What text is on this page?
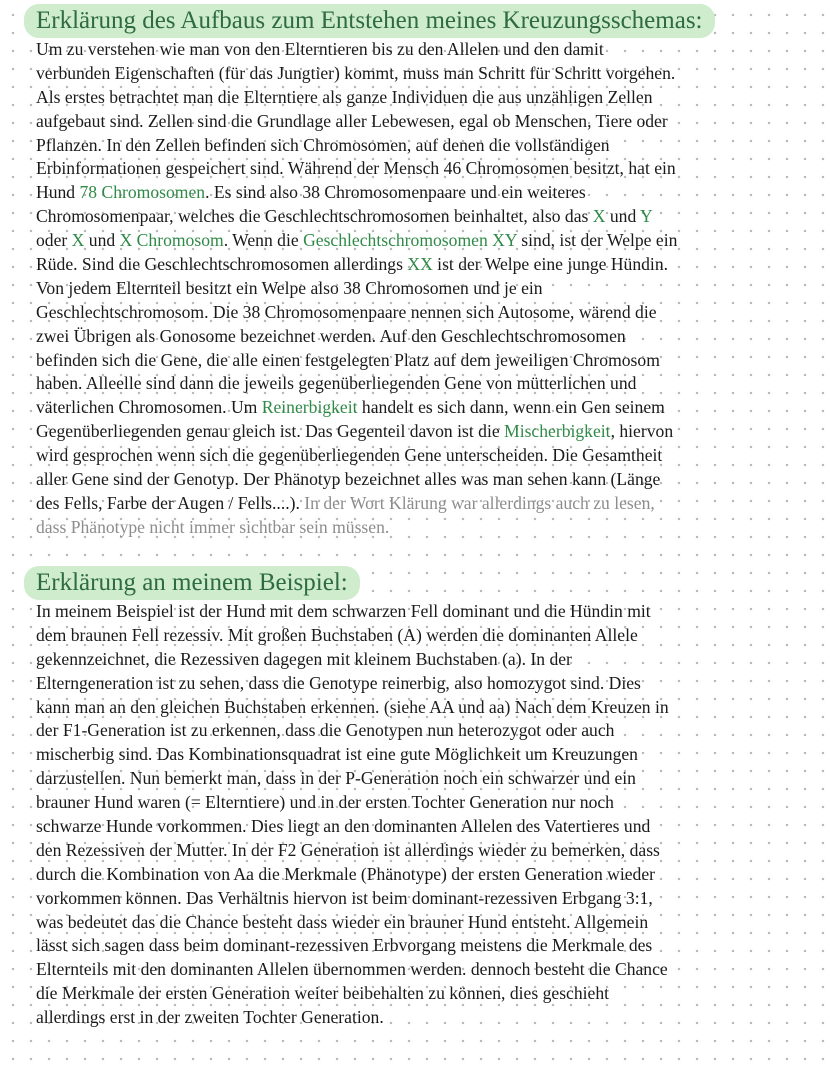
Erklärung des Aufbaus zum Entstehen meines Kreuzungsschemas:
Um zu verstehen wie man von den Elterntieren bis zu den Allelen und den damit
verbunden Eigenschaften (für das Jungtier) kommt, muss man Schritt für Schritt vorgehen.
Als erstes betrachtet man die Elterntiere als ganze Individuen die aus unzähligen Zellen
aufgebaut sind. Zellen sind die Grundlage aller Lebewesen, egal ob Menschen, Tiere oder
Pflanzen. In den Zellen befinden sich Chromosomen, auf denen die vollständigen
Erbinformationen gespeichert sind. Während der Mensch 46 Chromosomen besitzt, hat ein
Hund 78 Chromosomen. Es sind also 38 Chromosomenpaare und ein weiteres
Chromosomenpaar, welches die Geschlechtschromosomen beinhaltet, also das X und Y
oder X und X Chromosom. Wenn die Geschlechtschromosomen XY sind, ist der Welpe ein
Rüde. Sind die Geschlechtschromosomen allerdings XX ist der Welpe eine junge Hündin.
Von jedem Elternteil besitzt ein Welpe also 38 Chromosomen und je ein
Geschlechtschromosom. Die 38 Chromosomenpaare nennen sich Autosome, wärend die
zwei Übrigen als Gonosome bezeichnet werden. Auf den Geschlechtschromosomen
befinden sich die Gene, die alle einen festgelegten Platz auf dem jeweiligen Chromosom
haben. Alleelle sind dann die jeweils gegenüberliegenden Gene von mütterlichen und
väterlichen Chromosomen. Um Reinerbigkeit handelt es sich dann, wenn ein Gen seinem
Gegenüberliegenden genau gleich ist. Das Gegenteil davon ist die Mischerbigkeit, hiervon
wird gesprochen wenn sich die gegenüberliegenden Gene unterscheiden. Die Gesamtheit
aller Gene sind der Genotyp. Der Phänotyp bezeichnet alles was man sehen kann (Länge
des Fells, Farbe der Augen / Fells....). In der Wort Klärung war allerdings auch zu lesen,
dass Phänotype nicht immer sichtbar sein müssen.
Erklärung an meinem Beispiel:
In meinem Beispiel ist der Hund mit dem schwarzen Fell dominant und die Hündin mit
dem braunen Fell rezessiv. Mit großen Buchstaben (A) werden die dominanten Allele
gekennzeichnet, die Rezessiven dagegen mit kleinem Buchstaben (a). In der
Elterngeneration ist zu sehen, dass die Genotype reinerbig, also homozygot sind. Dies
kann man an den gleichen Buchstaben erkennen. (siehe AA und aa) Nach dem Kreuzen in
der F1-Generation ist zu erkennen, dass die Genotypen nun heterozygot oder auch
mischerbig sind. Das Kombinationsquadrat ist eine gute Möglichkeit um Kreuzungen
darzustellen. Nun bemerkt man, dass in der P-Generation noch ein schwarzer und ein
brauner Hund waren (= Elterntiere) und in der ersten Tochter Generation nur noch
schwarze Hunde vorkommen. Dies liegt an den dominanten Allelen des Vatertieres und
den Rezessiven der Mutter. In der F2 Generation ist allerdings wieder zu bemerken, dass
durch die Kombination von Aa die Merkmale (Phänotype) der ersten Generation wieder
vorkommen können. Das Verhältnis hiervon ist beim dominant-rezessiven Erbgang 3:1,
was bedeutet das die Chance besteht dass wieder ein brauner Hund entsteht. Allgemein
lässt sich sagen dass beim dominant-rezessiven Erbvorgang meistens die Merkmale des
Elternteils mit den dominanten Allelen übernommen werden. dennoch besteht die Chance
die Merkmale der ersten Generation weiter beibehalten zu können, dies geschieht
allerdings erst in der zweiten Tochter Generation.
